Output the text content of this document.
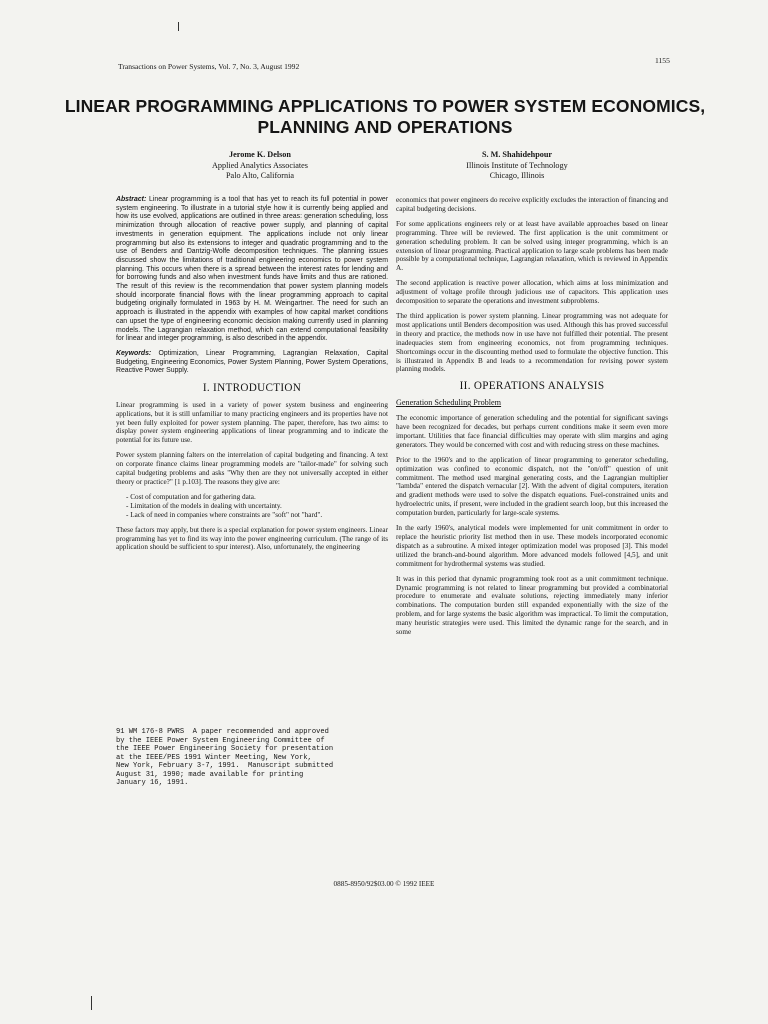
Transactions on Power Systems, Vol. 7, No. 3, August 1992
1155
LINEAR PROGRAMMING APPLICATIONS TO POWER SYSTEM ECONOMICS, PLANNING AND OPERATIONS
Jerome K. Delson
Applied Analytics Associates
Palo Alto, California
S. M. Shahidehpour
Illinois Institute of Technology
Chicago, Illinois

Abstract: Linear programming is a tool that has yet to reach its full potential in power system engineering. To illustrate in a tutorial style how it is currently being applied and how its use evolved, applications are outlined in three areas: generation scheduling, loss minimization through allocation of reactive power supply, and planning of capital investments in generation equipment. The applications include not only linear programming but also its extensions to integer and quadratic programming and to the use of Benders and Dantzig-Wolfe decomposition techniques. The planning issues discussed show the limitations of traditional engineering economics to power system planning. This occurs when there is a spread between the interest rates for lending and for borrowing funds and also when investment funds have limits and thus are rationed. The result of this review is the recommendation that power system planning models should incorporate financial flows with the linear programming approach to capital budgeting originally formulated in 1963 by H. M. Weingartner. The need for such an approach is illustrated in the appendix with examples of how capital market conditions can upset the type of engineering economic decision making currently used in planning models. The Lagrangian relaxation method, which can extend computational feasibility for linear and integer programming, is also described in the appendix.

Keywords: Optimization, Linear Programming, Lagrangian Relaxation, Capital Budgeting, Engineering Economics, Power System Planning, Power System Operations, Reactive Power Supply.

I. INTRODUCTION

Linear programming is used in a variety of power system business and engineering applications, but it is still unfamiliar to many practicing engineers and its properties have not yet been fully exploited for power system planning. The paper, therefore, has two aims: to display power system engineering applications of linear programming and to indicate the potential for its future use.

Power system planning falters on the interrelation of capital budgeting and financing. A text on corporate finance claims linear programming models are "tailor-made" for solving such capital budgeting problems and asks "Why then are they not universally accepted in either theory or practice?" [1 p.103]. The reasons they give are:

- Cost of computation and for gathering data.
- Limitation of the models in dealing with uncertainty.
- Lack of need in companies where constraints are "soft" not "hard".

These factors may apply, but there is a special explanation for power system engineers. Linear programming has yet to find its way into the power engineering curriculum. (The range of its application should be sufficient to spur interest). Also, unfortunately, the engineering

91 WM 176-8 PWRS  A paper recommended and approved
by the IEEE Power System Engineering Committee of
the IEEE Power Engineering Society for presentation
at the IEEE/PES 1991 Winter Meeting, New York,
New York, February 3-7, 1991.  Manuscript submitted
August 31, 1990; made available for printing
January 16, 1991.

economics that power engineers do receive explicitly excludes the interaction of financing and capital budgeting decisions.

For some applications engineers rely or at least have available approaches based on linear programming. Three will be reviewed. The first application is the unit commitment or generation scheduling problem. It can be solved using integer programming, which is an extension of linear programming. Practical application to large scale problems has been made possible by a computational technique, Lagrangian relaxation, which is reviewed in Appendix A.

The second application is reactive power allocation, which aims at loss minimization and adjustment of voltage profile through judicious use of capacitors. This application uses decomposition to separate the operations and investment subproblems.

The third application is power system planning. Linear programming was not adequate for most applications until Benders decomposition was used. Although this has proved successful in theory and practice, the methods now in use have not fulfilled their potential. The present inadequacies stem from engineering economics, not from programming techniques. Shortcomings occur in the discounting method used to formulate the objective function. This is illustrated in Appendix B and leads to a recommendation for revising power system planning models.

II. OPERATIONS ANALYSIS
Generation Scheduling Problem

The economic importance of generation scheduling and the potential for significant savings have been recognized for decades, but perhaps current conditions make it seem even more important. Utilities that face financial difficulties may operate with slim margins and aging generators. They would be concerned with cost and with reducing stress on these machines.

Prior to the 1960's and to the application of linear programming to generator scheduling, optimization was confined to economic dispatch, not the "on/off" question of unit commitment. The method used marginal generating costs, and the Lagrangian multiplier "lambda" entered the dispatch vernacular [2]. With the advent of digital computers, iteration and gradient methods were used to solve the dispatch equations. Fuel-constrained units and hydroelectric units, if present, were included in the gradient search loop, but this increased the computation burden, particularly for large-scale systems.

In the early 1960's, analytical models were implemented for unit commitment in order to replace the heuristic priority list method then in use. These models incorporated economic dispatch as a subroutine. A mixed integer optimization model was proposed [3]. This model utilized the branch-and-bound algorithm. More advanced models followed [4,5], and unit commitment for hydrothermal systems was studied.

It was in this period that dynamic programming took root as a unit commitment technique. Dynamic programming is not related to linear programming but provided a combinatorial procedure to enumerate and evaluate solutions, rejecting immediately many inferior combinations. The computation burden still expanded exponentially with the size of the problem, and for large systems the basic algorithm was impractical. To limit the computation, many heuristic strategies were used. This limited the dynamic range for the search, and in some

0885-8950/92$03.00 © 1992 IEEE
